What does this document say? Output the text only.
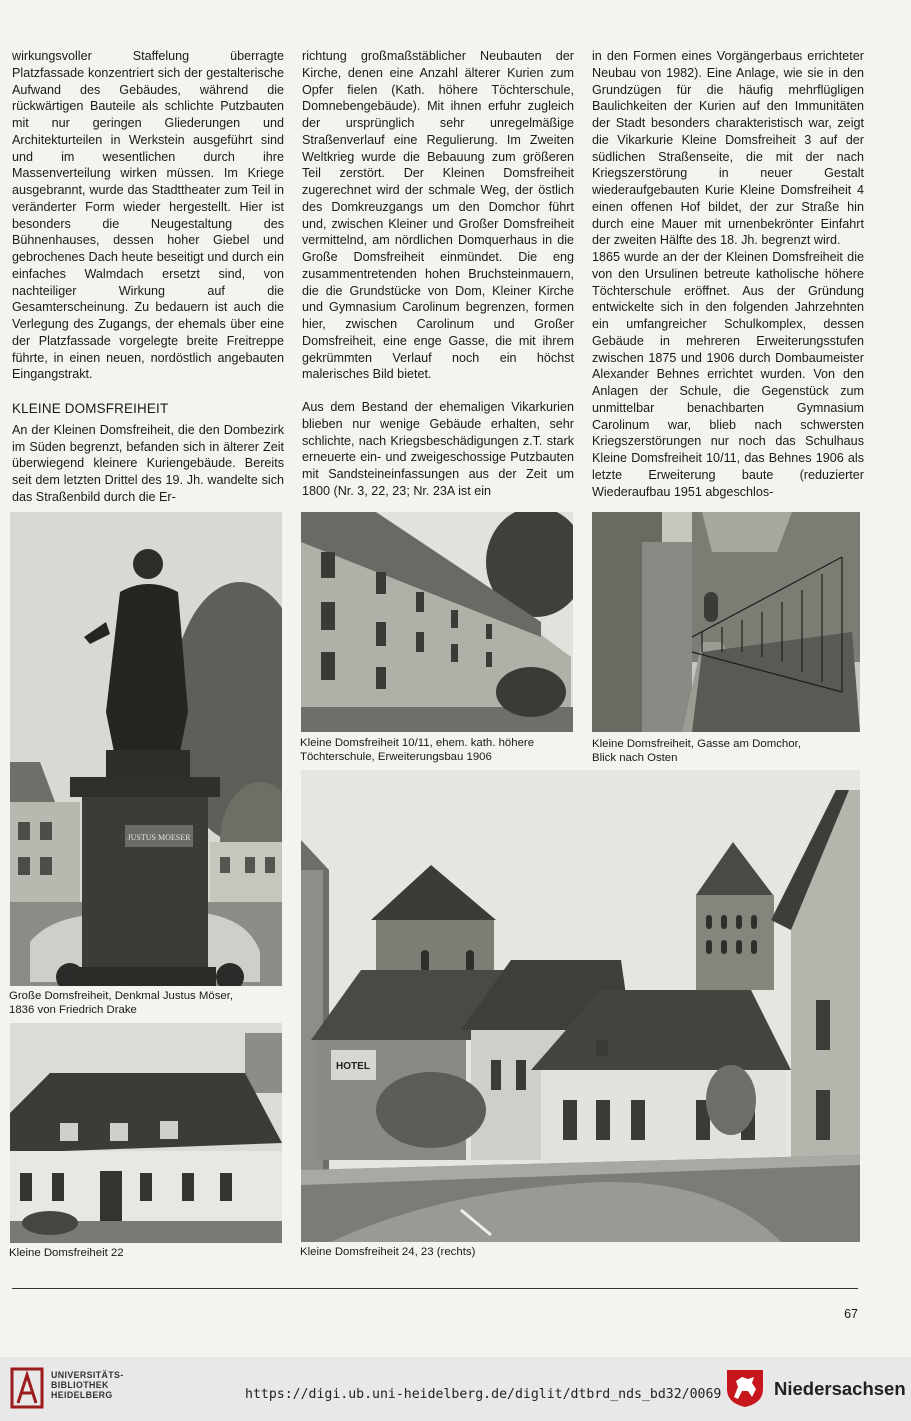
wirkungsvoller Staffelung überragte Platzfassade konzentriert sich der gestalterische Aufwand des Gebäudes, während die rückwärtigen Bauteile als schlichte Putzbauten mit nur geringen Gliederungen und Architekturteilen in Werkstein ausgeführt sind und im wesentlichen durch ihre Massenverteilung wirken müssen. Im Kriege ausgebrannt, wurde das Stadttheater zum Teil in veränderter Form wieder hergestellt. Hier ist besonders die Neugestaltung des Bühnenhauses, dessen hoher Giebel und gebrochenes Dach heute beseitigt und durch ein einfaches Walmdach ersetzt sind, von nachteiliger Wirkung auf die Gesamterscheinung. Zu bedauern ist auch die Verlegung des Zugangs, der ehemals über eine der Platzfassade vorgelegte breite Freitreppe führte, in einen neuen, nordöstlich angebauten Eingangstrakt.

KLEINE DOMSFREIHEIT

An der Kleinen Domsfreiheit, die den Dombezirk im Süden begrenzt, befanden sich in älterer Zeit überwiegend kleinere Kuriengebäude. Bereits seit dem letzten Drittel des 19. Jh. wandelte sich das Straßenbild durch die Er-

richtung großmaßstäblicher Neubauten der Kirche, denen eine Anzahl älterer Kurien zum Opfer fielen (Kath. höhere Töchterschule, Domnebengebäude). Mit ihnen erfuhr zugleich der ursprünglich sehr unregelmäßige Straßenverlauf eine Regulierung. Im Zweiten Weltkrieg wurde die Bebauung zum größeren Teil zerstört. Der Kleinen Domsfreiheit zugerechnet wird der schmale Weg, der östlich des Domkreuzgangs um den Domchor führt und, zwischen Kleiner und Großer Domsfreiheit vermittelnd, am nördlichen Domquerhaus in die Große Domsfreiheit einmündet. Die eng zusammentretenden hohen Bruchsteinmauern, die die Grundstücke von Dom, Kleiner Kirche und Gymnasium Carolinum begrenzen, formen hier, zwischen Carolinum und Großer Domsfreiheit, eine enge Gasse, die mit ihrem gekrümmten Verlauf noch ein höchst malerisches Bild bietet.

Aus dem Bestand der ehemaligen Vikarkurien blieben nur wenige Gebäude erhalten, sehr schlichte, nach Kriegsbeschädigungen z.T. stark erneuerte ein- und zweigeschossige Putzbauten mit Sandsteineinfassungen aus der Zeit um 1800 (Nr. 3, 22, 23; Nr. 23A ist ein

in den Formen eines Vorgängerbaus errichteter Neubau von 1982). Eine Anlage, wie sie in den Grundzügen für die häufig mehrflügligen Baulichkeiten der Kurien auf den Immunitäten der Stadt besonders charakteristisch war, zeigt die Vikarkurie Kleine Domsfreiheit 3 auf der südlichen Straßenseite, die mit der nach Kriegszerstörung in neuer Gestalt wiederaufgebauten Kurie Kleine Domsfreiheit 4 einen offenen Hof bildet, der zur Straße hin durch eine Mauer mit urnenbekrönter Einfahrt der zweiten Hälfte des 18. Jh. begrenzt wird.

1865 wurde an der der Kleinen Domsfreiheit die von den Ursulinen betreute katholische höhere Töchterschule eröffnet. Aus der Gründung entwickelte sich in den folgenden Jahrzehnten ein umfangreicher Schulkomplex, dessen Gebäude in mehreren Erweiterungsstufen zwischen 1875 und 1906 durch Dombaumeister Alexander Behnes errichtet wurden. Von den Anlagen der Schule, die Gegenstück zum unmittelbar benachbarten Gymnasium Carolinum war, blieb nach schwersten Kriegszerstörungen nur noch das Schulhaus Kleine Domsfreiheit 10/11, das Behnes 1906 als letzte Erweiterung baute (reduzierter Wiederaufbau 1951 abgeschlos-

JUSTUS MOESER
Große Domsfreiheit, Denkmal Justus Möser,
1836 von Friedrich Drake
Kleine Domsfreiheit 10/11, ehem. kath. höhere
Töchterschule, Erweiterungsbau 1906
Kleine Domsfreiheit, Gasse am Domchor,
Blick nach Osten
Kleine Domsfreiheit 22
HOTEL
Kleine Domsfreiheit 24, 23 (rechts)
67
UNIVERSITÄTS-
BIBLIOTHEK
HEIDELBERG	https://digi.ub.uni-heidelberg.de/diglit/dtbrd_nds_bd32/0069	Niedersachsen
